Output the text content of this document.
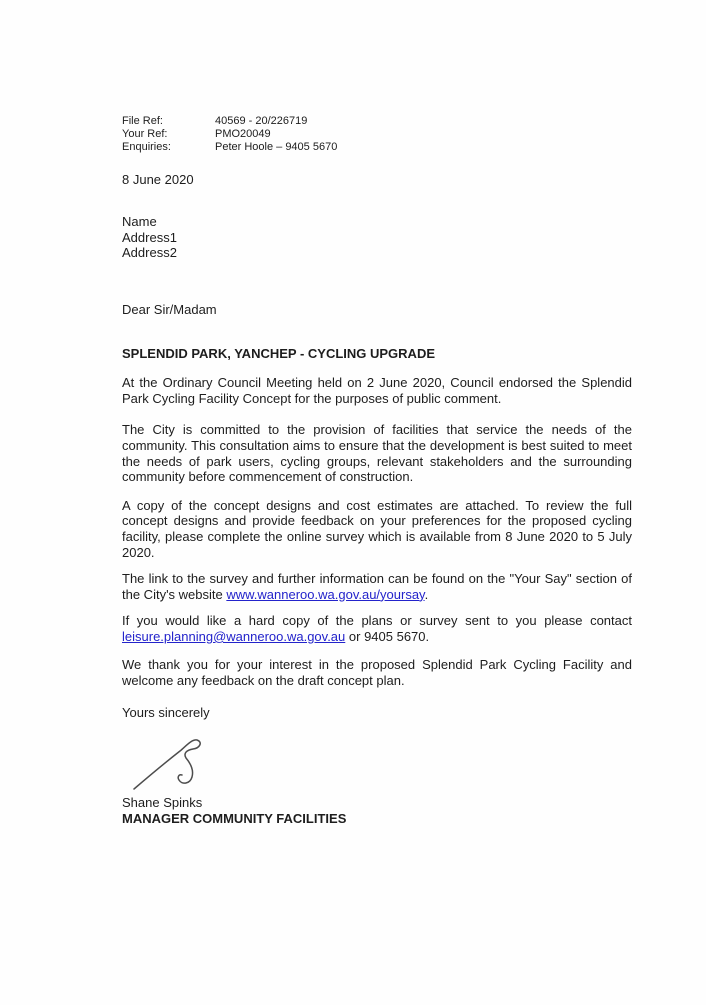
File Ref:	40569 - 20/226719
Your Ref:	PMO20049
Enquiries:	Peter Hoole – 9405 5670
8 June 2020
Name
Address1
Address2
Dear Sir/Madam
SPLENDID PARK, YANCHEP - CYCLING UPGRADE

At the Ordinary Council Meeting held on 2 June 2020, Council endorsed the Splendid Park Cycling Facility Concept for the purposes of public comment.

The City is committed to the provision of facilities that service the needs of the community. This consultation aims to ensure that the development is best suited to meet the needs of park users, cycling groups, relevant stakeholders and the surrounding community before commencement of construction.

A copy of the concept designs and cost estimates are attached. To review the full concept designs and provide feedback on your preferences for the proposed cycling facility, please complete the online survey which is available from 8 June 2020 to 5 July 2020.

The link to the survey and further information can be found on the "Your Say" section of the City's website www.wanneroo.wa.gov.au/yoursay.

If you would like a hard copy of the plans or survey sent to you please contact leisure.planning@wanneroo.wa.gov.au or 9405 5670.

We thank you for your interest in the proposed Splendid Park Cycling Facility and welcome any feedback on the draft concept plan.

Yours sincerely
Shane Spinks
MANAGER COMMUNITY FACILITIES
